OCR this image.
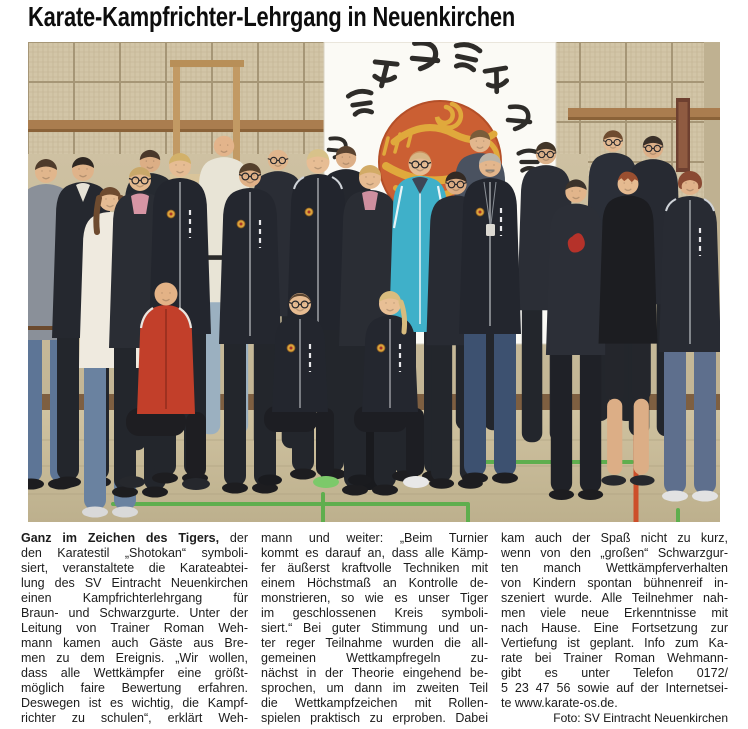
Karate-Kampfrichter-Lehrgang in Neuenkirchen
Ganz im Zeichen des Tigers, der
den Karatestil „Shotokan“ symboli-
siert, veranstaltete die Karateabtei-
lung des SV Eintracht Neuenkirchen
einen Kampfrichterlehrgang für
Braun- und Schwarzgurte. Unter der
Leitung von Trainer Roman Weh-
mann kamen auch Gäste aus Bre-
men zu dem Ereignis. „Wir wollen,
dass alle Wettkämpfer eine größt-
möglich faire Bewertung erfahren.
Deswegen ist es wichtig, die Kampf-
richter zu schulen“, erklärt Weh-
mann und weiter: „Beim Turnier
kommt es darauf an, dass alle Kämp-
fer äußerst kraftvolle Techniken mit
einem Höchstmaß an Kontrolle de-
monstrieren, so wie es unser Tiger
im geschlossenen Kreis symboli-
siert.“ Bei guter Stimmung und un-
ter reger Teilnahme wurden die all-
gemeinen Wettkampfregeln zu-
nächst in der Theorie eingehend be-
sprochen, um dann im zweiten Teil
die Wettkampfzeichen mit Rollen-
spielen praktisch zu erproben. Dabei
kam auch der Spaß nicht zu kurz,
wenn von den „großen“ Schwarzgur-
ten manch Wettkämpferverhalten
von Kindern spontan bühnenreif in-
szeniert wurde. Alle Teilnehmer nah-
men viele neue Erkenntnisse mit
nach Hause. Eine Fortsetzung zur
Vertiefung ist geplant. Info zum Ka-
rate bei Trainer Roman Wehmann-
gibt es unter Telefon 0172/
5 23 47 56 sowie auf der Internetsei-
te www.karate-os.de.
Foto: SV Eintracht Neuenkirchen
